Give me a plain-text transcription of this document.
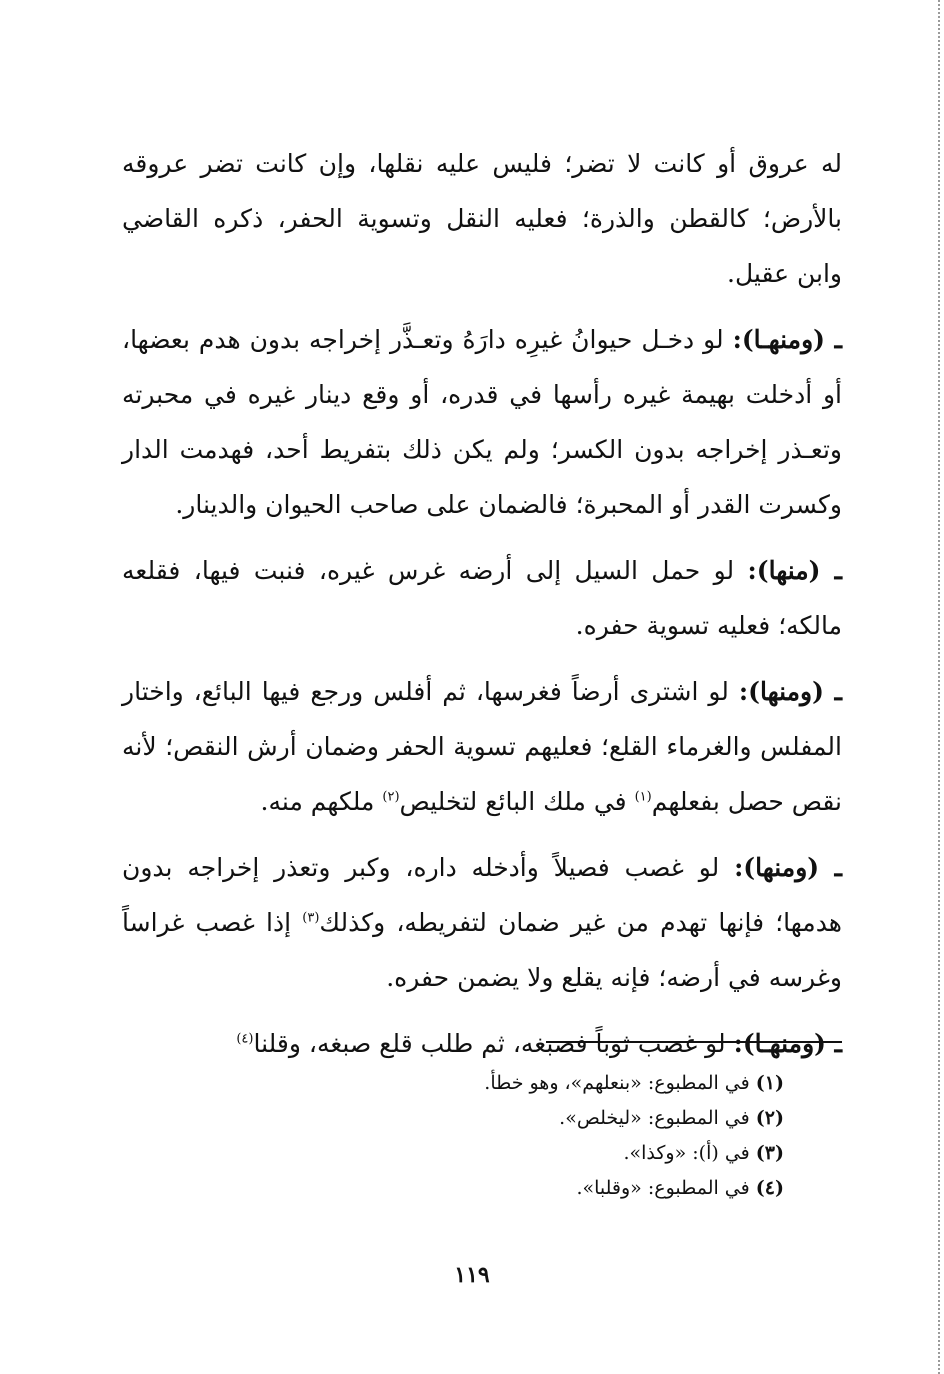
له عروق أو كانت لا تضر؛ فليس عليه نقلها، وإن كانت تضر عروقه بالأرض؛ كالقطن والذرة؛ فعليه النقل وتسوية الحفر، ذكره القاضي وابن عقيل.

ـ (ومنهـا): لو دخـل حيوانُ غيرِه دارَهُ وتعـذَّر إخراجه بدون هدم بعضها، أو أدخلت بهيمة غيره رأسها في قدره، أو وقع دينار غيره في محبرته وتعـذر إخراجه بدون الكسر؛ ولم يكن ذلك بتفريط أحد، فهدمت الدار وكسرت القدر أو المحبرة؛ فالضمان على صاحب الحيوان والدينار.

ـ (منها): لو حمل السيل إلى أرضه غرس غيره، فنبت فيها، فقلعه مالكه؛ فعليه تسوية حفره.

ـ (ومنها): لو اشترى أرضاً فغرسها، ثم أفلس ورجع فيها البائع، واختار المفلس والغرماء القلع؛ فعليهم تسوية الحفر وضمان أرش النقص؛ لأنه نقص حصل بفعلهم$^{(١)}$ في ملك البائع لتخليص$^{(٢)}$ ملكهم منه.

ـ (ومنها): لو غصب فصيلاً وأدخله داره، وكبر وتعذر إخراجه بدون هدمها؛ فإنها تهدم من غير ضمان لتفريطه، وكذلك$^{(٣)}$ إذا غصب غراساً وغرسه في أرضه؛ فإنه يقلع ولا يضمن حفره.

ـ (ومنهـا): لو غصب ثوباً فصبغه، ثم طلب قلع صبغه، وقلنا$^{(٤)}$

(١) في المطبوع: «بنعلهم»، وهو خطأ.

(٢) في المطبوع: «ليخلص».

(٣) في (أ): «وكذا».

(٤) في المطبوع: «وقلبا».

١١٩
